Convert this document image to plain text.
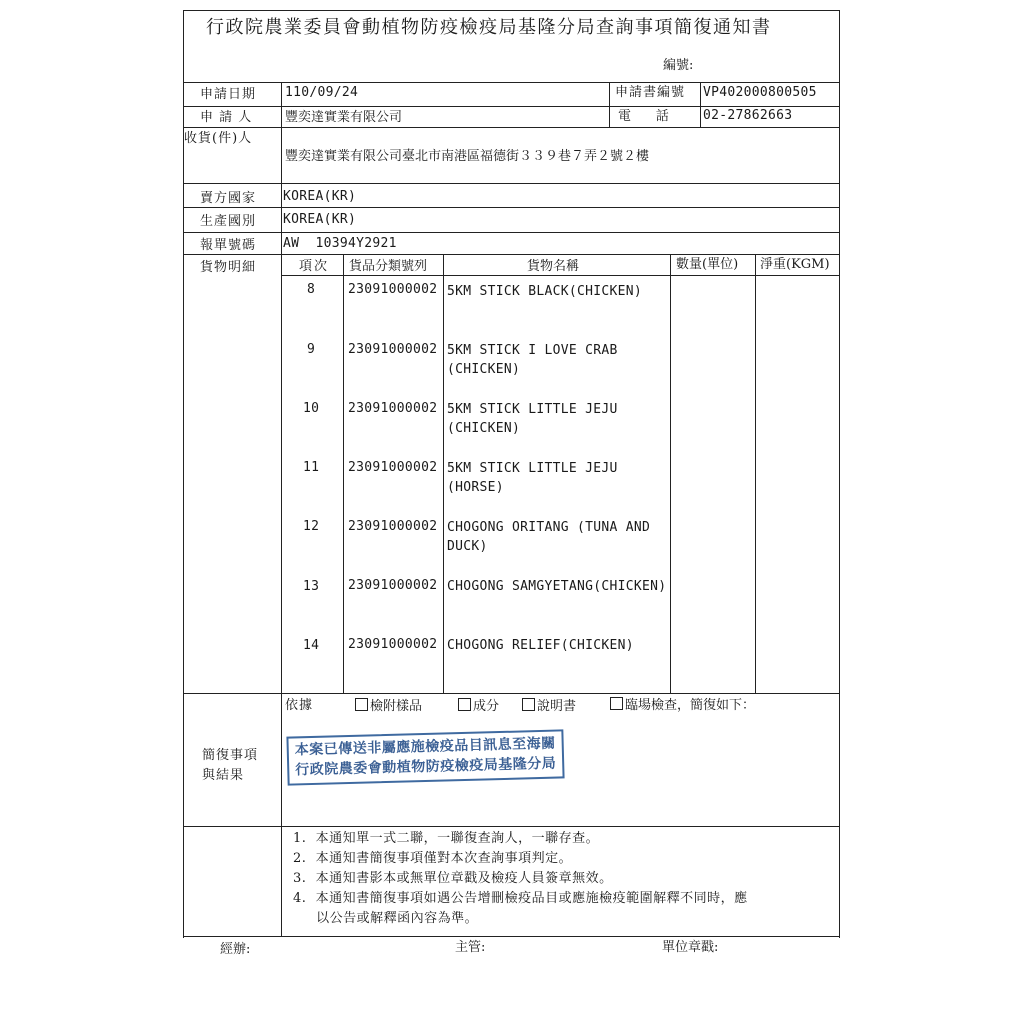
行政院農業委員會動植物防疫檢疫局基隆分局查詢事項簡復通知書
編號:
申請日期 110/09/24	申請書編號 VP402000800505
申 請 人	豐奕達實業有限公司	電      話	02-27862663
收貨(件)人
豐奕達實業有限公司臺北市南港區福德街３３９巷７弄２號２樓
賣方國家 KOREA(KR)
生產國別 KOREA(KR)
報單號碼 AW  10394Y2921
貨物明細	項次 貨品分類號列	貨物名稱	數量(單位) 淨重(KGM)
8	23091000002 5KM STICK BLACK(CHICKEN)
9	23091000002 5KM STICK I LOVE CRAB
(CHICKEN)
10 23091000002 5KM STICK LITTLE JEJU
(CHICKEN)
11 23091000002 5KM STICK LITTLE JEJU
(HORSE)
12 23091000002 CHOGONG ORITANG (TUNA AND
DUCK)
13 23091000002 CHOGONG SAMGYETANG(CHICKEN)
14 23091000002 CHOGONG RELIEF(CHICKEN)
依據	檢附樣品	成分	說明書	臨場檢查，簡復如下：
簡復事項
與結果
本案已傳送非屬應施檢疫品目訊息至海關
行政院農委會動植物防疫檢疫局基隆分局
1.  本通知單一式二聯，一聯復查詢人，一聯存查。
2.  本通知書簡復事項僅對本次查詢事項判定。
3.  本通知書影本或無單位章戳及檢疫人員簽章無效。
4.  本通知書簡復事項如遇公告增刪檢疫品目或應施檢疫範圍解釋不同時，應
以公告或解釋函內容為準。
經辦:	主管:	單位章戳:
